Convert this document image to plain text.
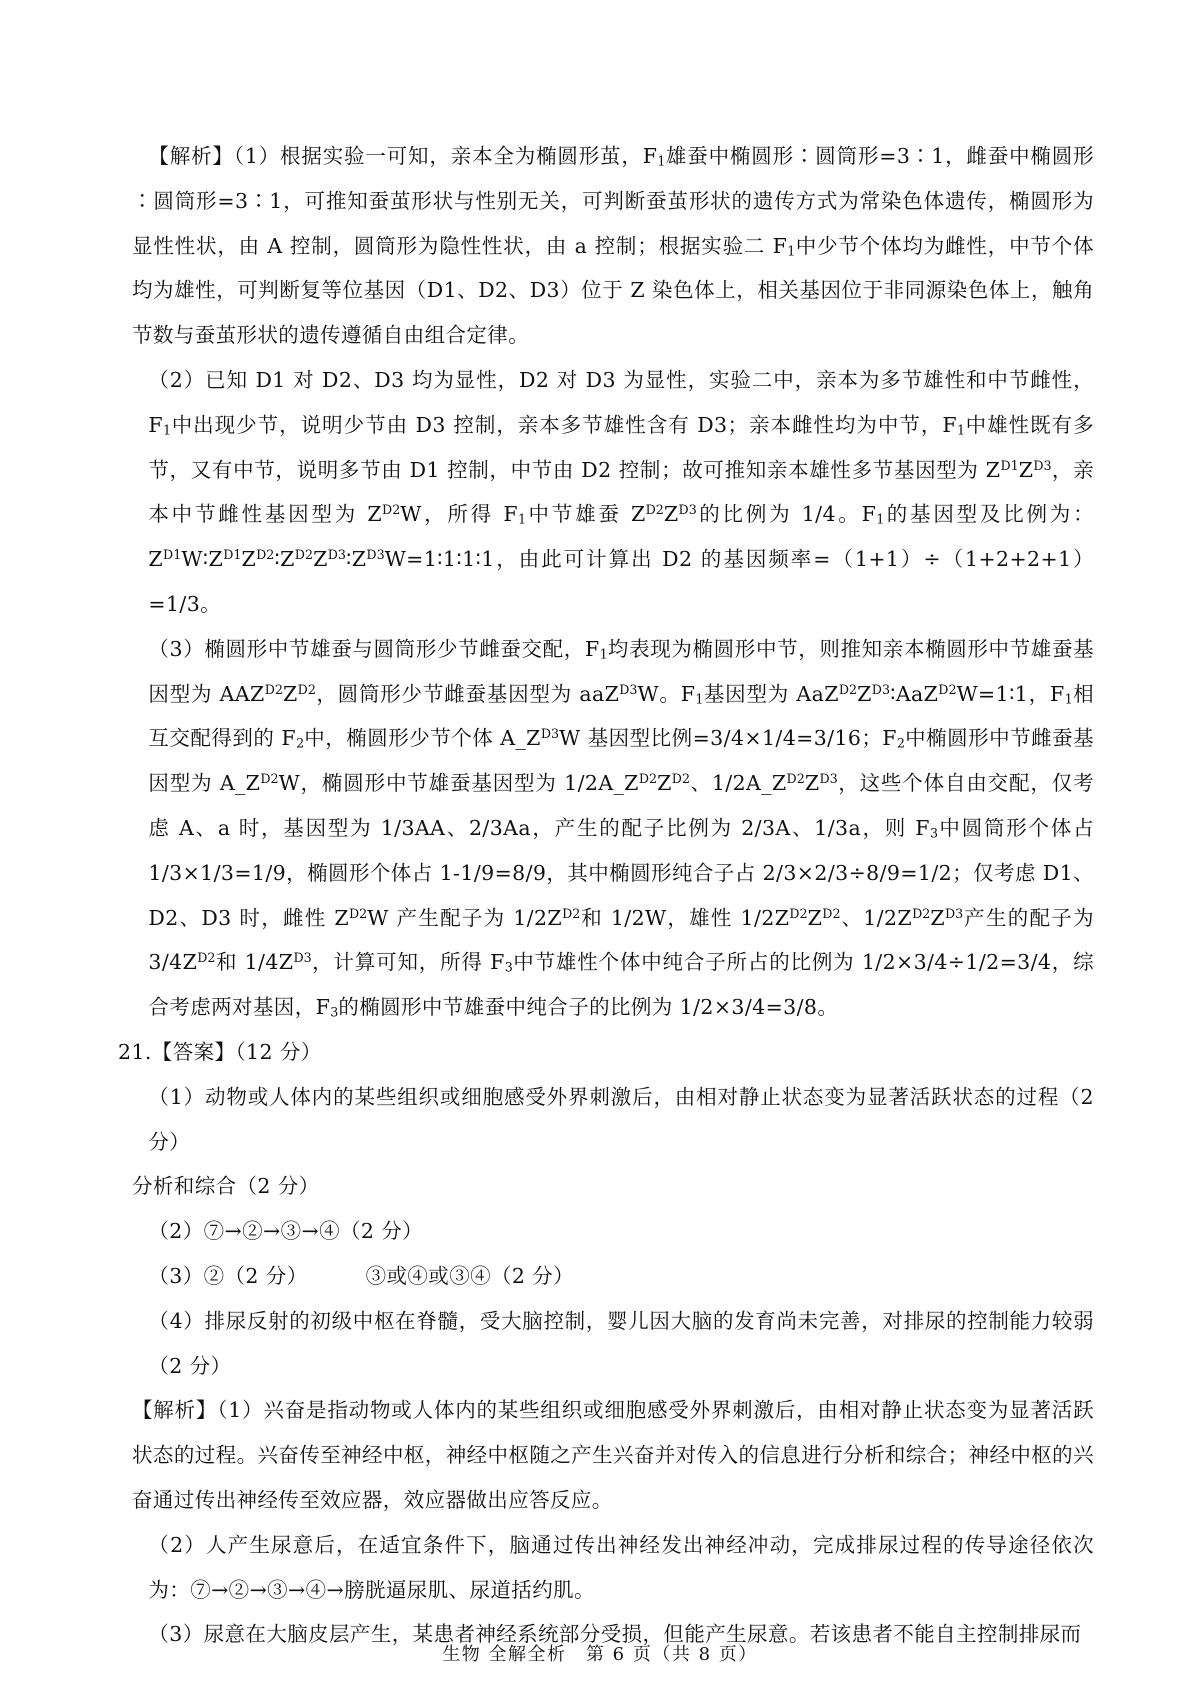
【解析】（1）根据实验一可知，亲本全为椭圆形茧，$F_1$雄蚕中椭圆形∶圆筒形=3∶1，雌蚕中椭圆形∶圆筒形=3∶1，可推知蚕茧形状与性别无关，可判断蚕茧形状的遗传方式为常染色体遗传，椭圆形为显性性状，由 A 控制，圆筒形为隐性性状，由 a 控制；根据实验二 $F_1$中少节个体均为雌性，中节个体均为雄性，可判断复等位基因（D1、D2、D3）位于 Z 染色体上，相关基因位于非同源染色体上，触角节数与蚕茧形状的遗传遵循自由组合定律。

（2）已知 D1 对 D2、D3 均为显性，D2 对 D3 为显性，实验二中，亲本为多节雄性和中节雌性，$F_1$中出现少节，说明少节由 D3 控制，亲本多节雄性含有 D3；亲本雌性均为中节，$F_1$中雄性既有多节，又有中节，说明多节由 D1 控制，中节由 D2 控制；故可推知亲本雄性多节基因型为 $Z^{D1}Z^{D3}$，亲本中节雌性基因型为 $Z^{D2}W$，所得 $F_1$中节雄蚕 $Z^{D2}Z^{D3}$的比例为 1/4。$F_1$的基因型及比例为：$Z^{D1}W∶Z^{D1}Z^{D2}∶Z^{D2}Z^{D3}∶Z^{D3}W=1∶1∶1∶1$，由此可计算出 D2 的基因频率=（1+1）÷（1+2+2+1）=1/3。

（3）椭圆形中节雄蚕与圆筒形少节雌蚕交配，$F_1$均表现为椭圆形中节，则推知亲本椭圆形中节雄蚕基因型为 $AAZ^{D2}Z^{D2}$，圆筒形少节雌蚕基因型为 aaZ$^{D3}$W。$F_1$基因型为 $AaZ^{D2}Z^{D3}∶AaZ^{D2}W=1∶1$，$F_1$相互交配得到的 $F_2$中，椭圆形少节个体 $A\_Z^{D3}W$ 基因型比例=3/4×1/4=3/16；$F_2$中椭圆形中节雌蚕基因型为 $A\_Z^{D2}W$，椭圆形中节雄蚕基因型为 $1/2A\_Z^{D2}Z^{D2}$、$1/2A\_Z^{D2}Z^{D3}$，这些个体自由交配，仅考虑 A、a 时，基因型为 1/3AA、2/3Aa，产生的配子比例为 2/3A、1/3a，则 $F_3$中圆筒形个体占 1/3×1/3=1/9，椭圆形个体占 1-1/9=8/9，其中椭圆形纯合子占 2/3×2/3÷8/9=1/2；仅考虑 D1、D2、D3 时，雌性 $Z^{D2}W$ 产生配子为 $1/2Z^{D2}$和 1/2W，雄性 $1/2Z^{D2}Z^{D2}$、$1/2Z^{D2}Z^{D3}$产生的配子为 $3/4Z^{D2}$和 $1/4Z^{D3}$，计算可知，所得 $F_3$中节雄性个体中纯合子所占的比例为 1/2×3/4÷1/2=3/4，综合考虑两对基因，$F_3$的椭圆形中节雄蚕中纯合子的比例为 1/2×3/4=3/8。

21.【答案】（12 分）

（1）动物或人体内的某些组织或细胞感受外界刺激后，由相对静止状态变为显著活跃状态的过程（2 分）

分析和综合（2 分）

（2）⑦→②→③→④（2 分）

（3）②（2 分）	③或④或③④（2 分）

（4）排尿反射的初级中枢在脊髓，受大脑控制，婴儿因大脑的发育尚未完善，对排尿的控制能力较弱（2 分）

【解析】（1）兴奋是指动物或人体内的某些组织或细胞感受外界刺激后，由相对静止状态变为显著活跃状态的过程。兴奋传至神经中枢，神经中枢随之产生兴奋并对传入的信息进行分析和综合；神经中枢的兴奋通过传出神经传至效应器，效应器做出应答反应。

（2）人产生尿意后，在适宜条件下，脑通过传出神经发出神经冲动，完成排尿过程的传导途径依次为：⑦→②→③→④→膀胱逼尿肌、尿道括约肌。

（3）尿意在大脑皮层产生，某患者神经系统部分受损，但能产生尿意。若该患者不能自主控制排尿而

生物 全解全析　第 6 页（共 8 页）
